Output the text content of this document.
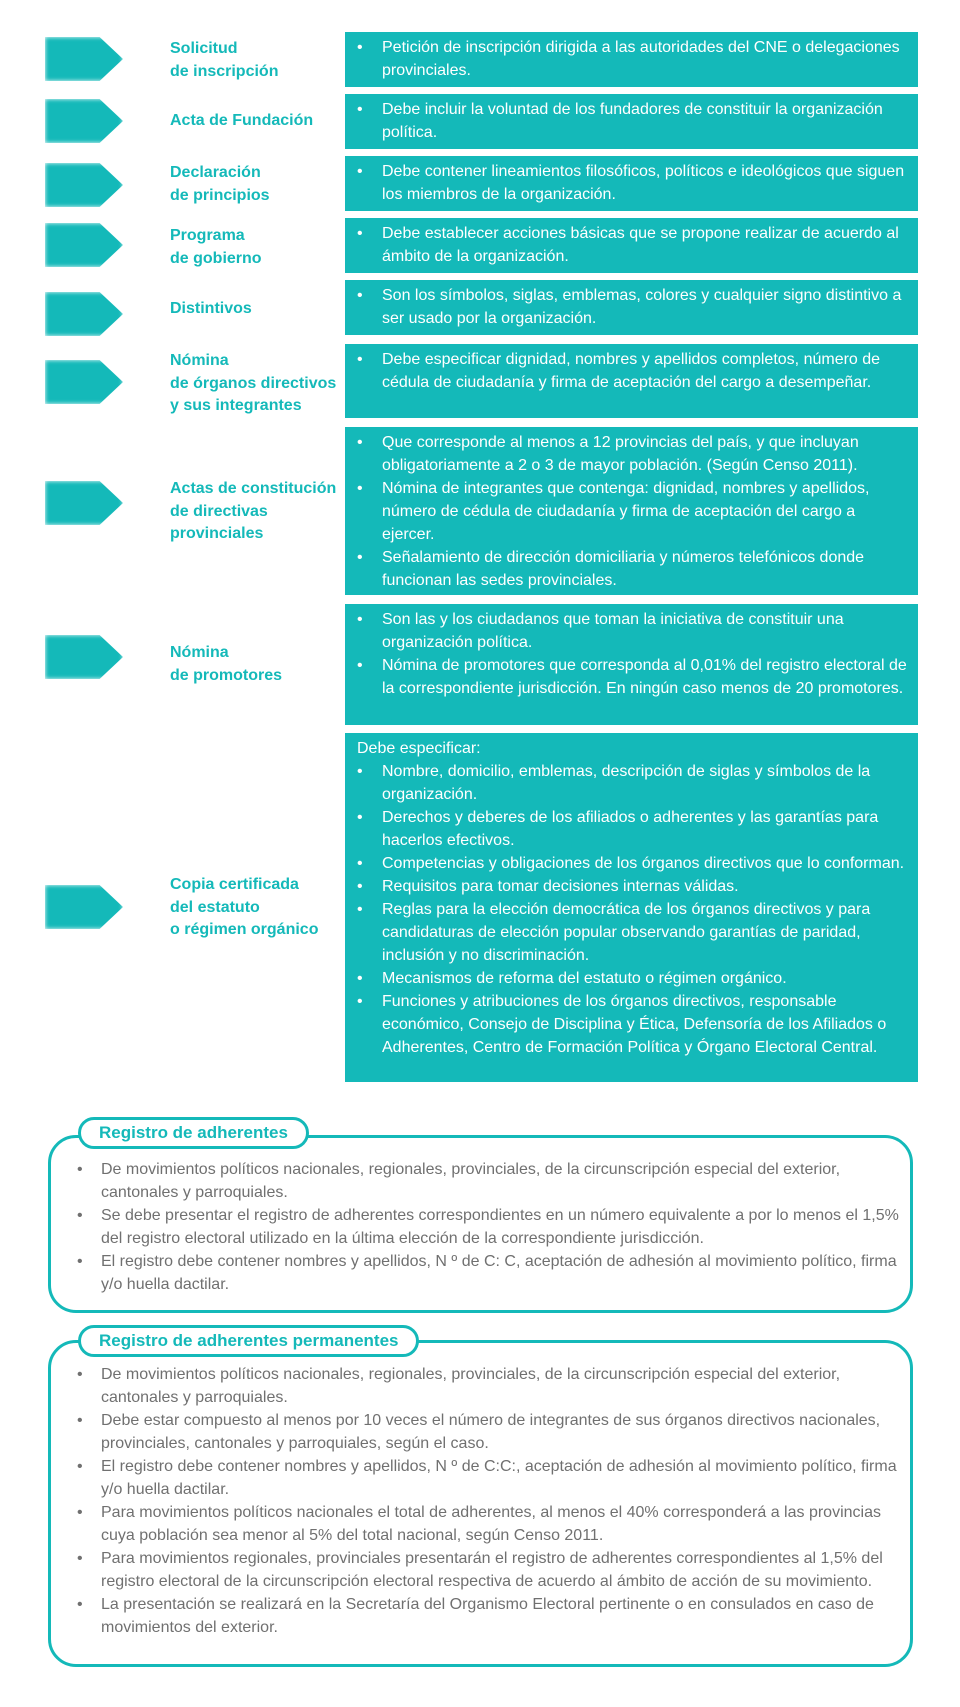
Solicitud
de inscripción
• Petición de inscripción dirigida a las autoridades del CNE o delegaciones provinciales.
Acta de Fundación
• Debe incluir la voluntad de los fundadores de constituir la organización política.
Declaración
de principios
• Debe contener lineamientos filosóficos, políticos e ideológicos que siguen los miembros de la organización.
Programa
de gobierno
• Debe establecer acciones básicas que se propone realizar de acuerdo al ámbito de la organización.
Distintivos
• Son los símbolos, siglas, emblemas, colores y cualquier signo distintivo a ser usado por la organización.
Nómina
de órganos directivos
y sus integrantes
• Debe especificar dignidad, nombres y apellidos completos, número de cédula de ciudadanía y firma de aceptación del cargo a desempeñar.
Actas de constitución
de directivas
provinciales
• Que corresponde al menos a 12 provincias del país, y que incluyan obligatoriamente a 2 o 3 de mayor población. (Según Censo 2011).
• Nómina de integrantes que contenga: dignidad, nombres y apellidos, número de cédula de ciudadanía y firma de aceptación del cargo a ejercer.
• Señalamiento de dirección domiciliaria y números telefónicos donde funcionan las sedes provinciales.
Nómina
de promotores
• Son las y los ciudadanos que toman la iniciativa de constituir una organización política.
• Nómina de promotores que corresponda al 0,01% del registro electoral de la correspondiente jurisdicción. En ningún caso menos de 20 promotores.
Copia certificada
del estatuto
o régimen orgánico
Debe especificar:
• Nombre, domicilio, emblemas, descripción de siglas y símbolos de la organización.
• Derechos y deberes de los afiliados o adherentes y las garantías para hacerlos efectivos.
• Competencias y obligaciones de los órganos directivos que lo conforman.
• Requisitos para tomar decisiones internas válidas.
• Reglas para la elección democrática de los órganos directivos y para candidaturas de elección popular observando garantías de paridad, inclusión y no discriminación.
• Mecanismos de reforma del estatuto o régimen orgánico.
• Funciones y atribuciones de los órganos directivos, responsable económico, Consejo de Disciplina y Ética, Defensoría de los Afiliados o Adherentes, Centro de Formación Política y Órgano Electoral Central.
• De movimientos políticos nacionales, regionales, provinciales, de la circunscripción especial del exterior, cantonales y parroquiales.
• Se debe presentar el registro de adherentes correspondientes en un número equivalente a por lo menos el 1,5% del registro electoral utilizado en la última elección de la correspondiente jurisdicción.
• El registro debe contener nombres y apellidos, N º de C: C, aceptación de adhesión al movimiento político, firma y/o huella dactilar.
Registro de adherentes
• De movimientos políticos nacionales, regionales, provinciales, de la circunscripción especial del exterior, cantonales y parroquiales.
• Debe estar compuesto al menos por 10 veces el número de integrantes de sus órganos directivos nacionales, provinciales, cantonales y parroquiales, según el caso.
• El registro debe contener nombres y apellidos, N º de C:C:, aceptación de adhesión al movimiento político, firma y/o huella dactilar.
• Para movimientos políticos nacionales el total de adherentes, al menos el 40% corresponderá a las provincias cuya población sea menor al 5% del total nacional, según Censo 2011.
• Para movimientos regionales, provinciales presentarán el registro de adherentes correspondientes al 1,5% del registro electoral de la circunscripción electoral respectiva de acuerdo al ámbito de acción de su movimiento.
• La presentación se realizará en la Secretaría del Organismo Electoral pertinente o en consulados en caso de movimientos del exterior.
Registro de adherentes permanentes
